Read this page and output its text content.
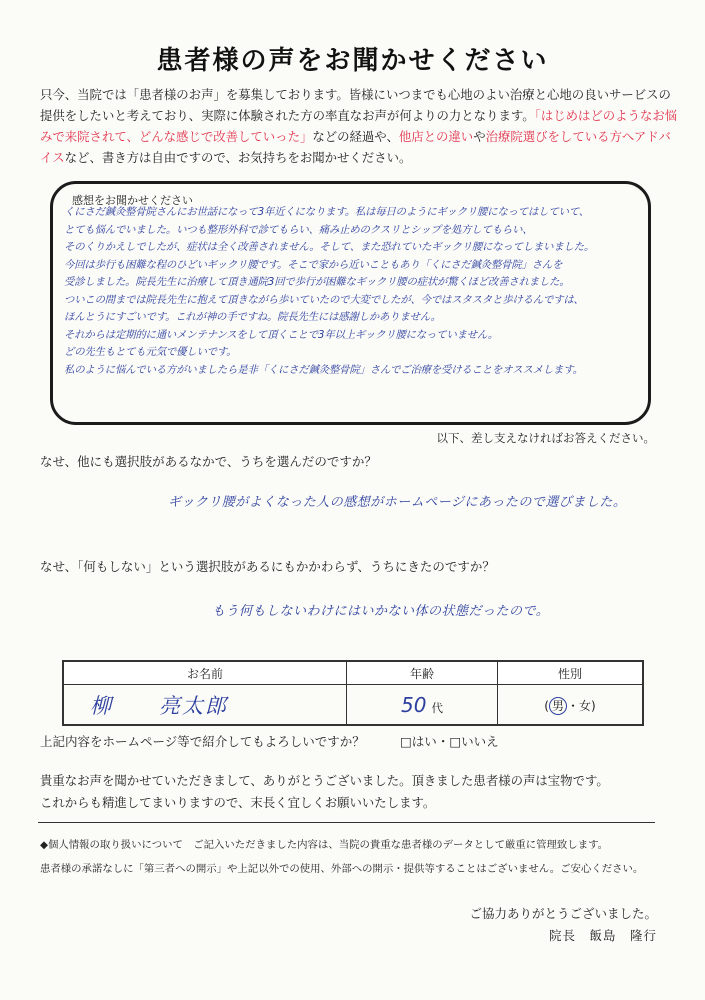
患者様の声をお聞かせください
只今、当院では「患者様のお声」を募集しております。皆様にいつまでも心地のよい治療と心地の良いサービスの提供をしたいと考えており、実際に体験された方の率直なお声が何よりの力となります。「はじめはどのようなお悩みで来院されて、どんな感じで改善していった」などの経過や、他店との違いや治療院選びをしている方へアドバイスなど、書き方は自由ですので、お気持ちをお聞かせください。
感想をお聞かせください
くにさだ鍼灸整骨院さんにお世話になって3年近くになります。私は毎日のようにギックリ腰になってはしていて、
とても悩んでいました。いつも整形外科で診てもらい、痛み止めのクスリとシップを処方してもらい、
そのくりかえしでしたが、症状は全く改善されません。そして、また恐れていたギックリ腰になってしまいました。
今回は歩行も困難な程のひどいギックリ腰です。そこで家から近いこともあり「くにさだ鍼灸整骨院」さんを
受診しました。院長先生に治療して頂き通院3回で歩行が困難なギックリ腰の症状が驚くほど改善されました。
ついこの間までは院長先生に抱えて頂きながら歩いていたので大変でしたが、今ではスタスタと歩けるんですは、
ほんとうにすごいです。これが神の手ですね。院長先生には感謝しかありません。
それからは定期的に通いメンテナンスをして頂くことで3年以上ギックリ腰になっていません。
どの先生もとても元気で優しいです。
私のように悩んでいる方がいましたら是非「くにさだ鍼灸整骨院」さんでご治療を受けることをオススメします。
以下、差し支えなければお答えください。
なせ、他にも選択肢があるなかで、うちを選んだのですか？
ギックリ腰がよくなった人の感想がホームページにあったので選びました。
なせ、「何もしない」という選択肢があるにもかかわらず、うちにきたのですか？
もう何もしないわけにはいかない体の状態だったので。
お名前	年齢	性別
柳　　亮太郎	50 代	( 男 ・女)
上記内容をホームページ等で紹介してもよろしいですか？	□はい・□いいえ
貴重なお声を聞かせていただきまして、ありがとうございました。頂きました患者様の声は宝物です。
これからも精進してまいりますので、末長く宜しくお願いいたします。
◆個人情報の取り扱いについて　ご記入いただきました内容は、当院の貴重な患者様のデータとして厳重に管理致します。
患者様の承諾なしに「第三者への開示」や上記以外での使用、外部への開示・提供等することはございません。ご安心ください。
ご協力ありがとうございました。
院長　飯島　隆行
